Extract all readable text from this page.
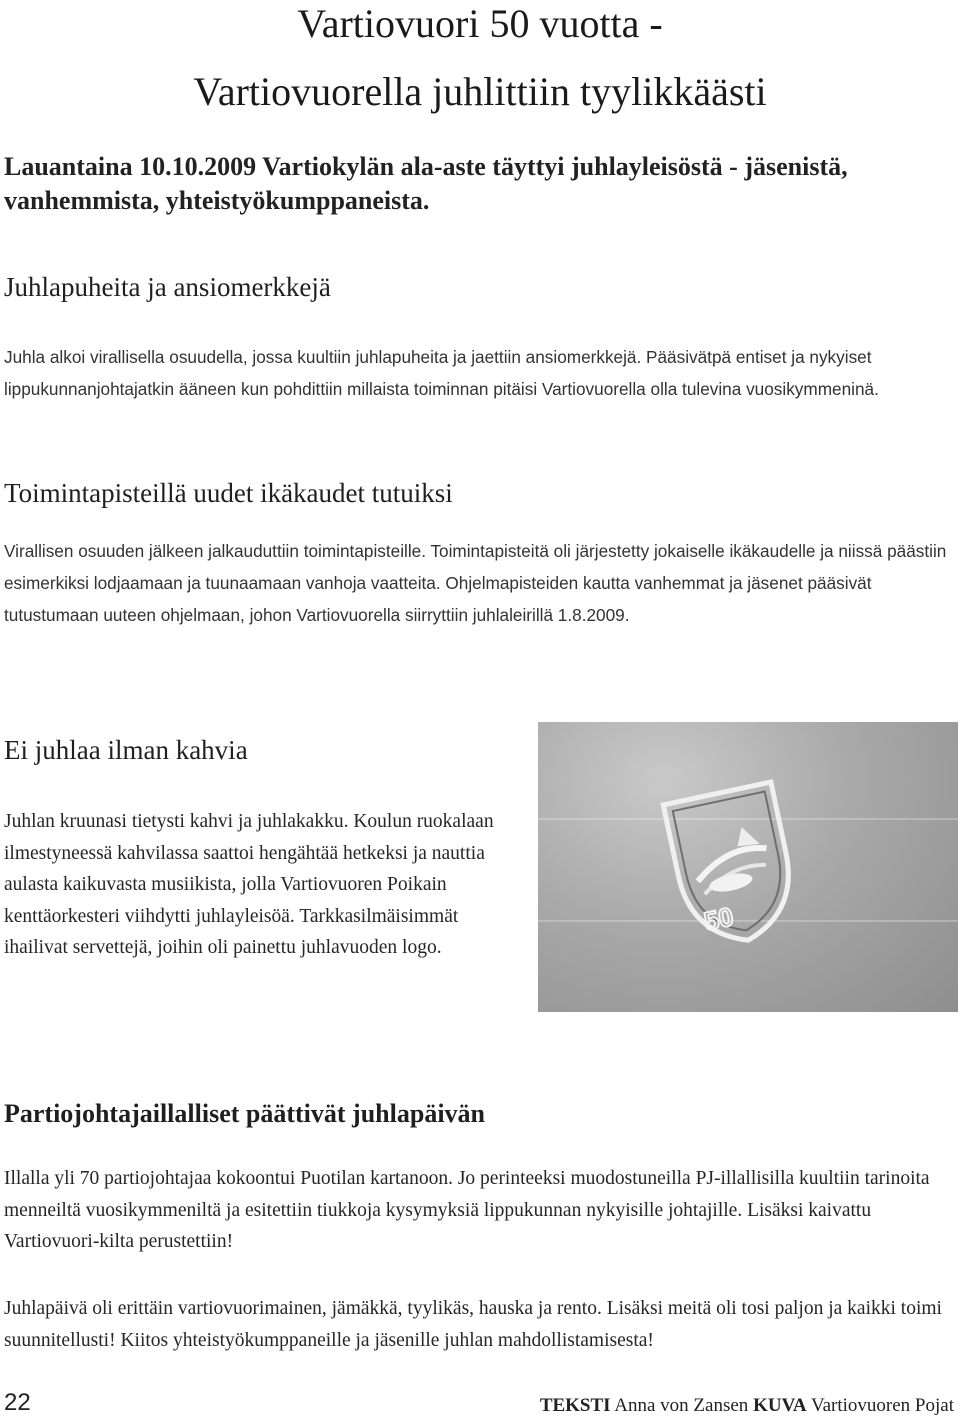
Vartiovuori 50 vuotta -
Vartiovuorella juhlittiin tyylikkäästi

Lauantaina 10.10.2009 Vartiokylän ala-aste täyttyi juhlayleisöstä - jäsenistä, vanhemmista, yhteistyökumppaneista.

Juhlapuheita ja ansiomerkkejä

Juhla alkoi virallisella osuudella, jossa kuultiin juhlapuheita ja jaettiin ansiomerkkejä. Pääsivätpä entiset ja nykyiset lippukunnanjohtajatkin ääneen kun pohdittiin millaista toiminnan pitäisi Vartiovuorella olla tulevina vuosikymmeninä.

Toimintapisteillä uudet ikäkaudet tutuiksi

Virallisen osuuden jälkeen jalkauduttiin toimintapisteille. Toimintapisteitä oli järjestetty jokaiselle ikäkaudelle ja niissä päästiin esimerkiksi lodjaamaan ja tuunaamaan vanhoja vaatteita. Ohjelmapisteiden kautta vanhemmat ja jäsenet pääsivät tutustumaan uuteen ohjelmaan, johon Vartiovuorella siirryttiin juhlaleirillä 1.8.2009.

Ei juhlaa ilman kahvia

Juhlan kruunasi tietysti kahvi ja juhlakakku. Koulun ruokalaan ilmestyneessä kahvilassa saattoi hengähtää hetkeksi ja nauttia aulasta kaikuvasta musiikista, jolla Vartiovuoren Poikain kenttäorkesteri viihdytti juhlayleisöä. Tarkkasilmäisimmät ihailivat servettejä, joihin oli painettu juhlavuoden logo.

50
Partiojohtajaillalliset päättivät juhlapäivän

Illalla yli 70 partiojohtajaa kokoontui Puotilan kartanoon. Jo perinteeksi muodostuneilla PJ-illallisilla kuultiin tarinoita menneiltä vuosikymmeniltä ja esitettiin tiukkoja kysymyksiä lippukunnan nykyisille johtajille. Lisäksi kaivattu Vartiovuori-kilta perustettiin!

Juhlapäivä oli erittäin vartiovuorimainen, jämäkkä, tyylikäs, hauska ja rento. Lisäksi meitä oli tosi paljon ja kaikki toimi suunnitellusti! Kiitos yhteistyökumppaneille ja jäsenille juhlan mahdollistamisesta!

22	TEKSTI Anna von Zansen KUVA Vartiovuoren Pojat
